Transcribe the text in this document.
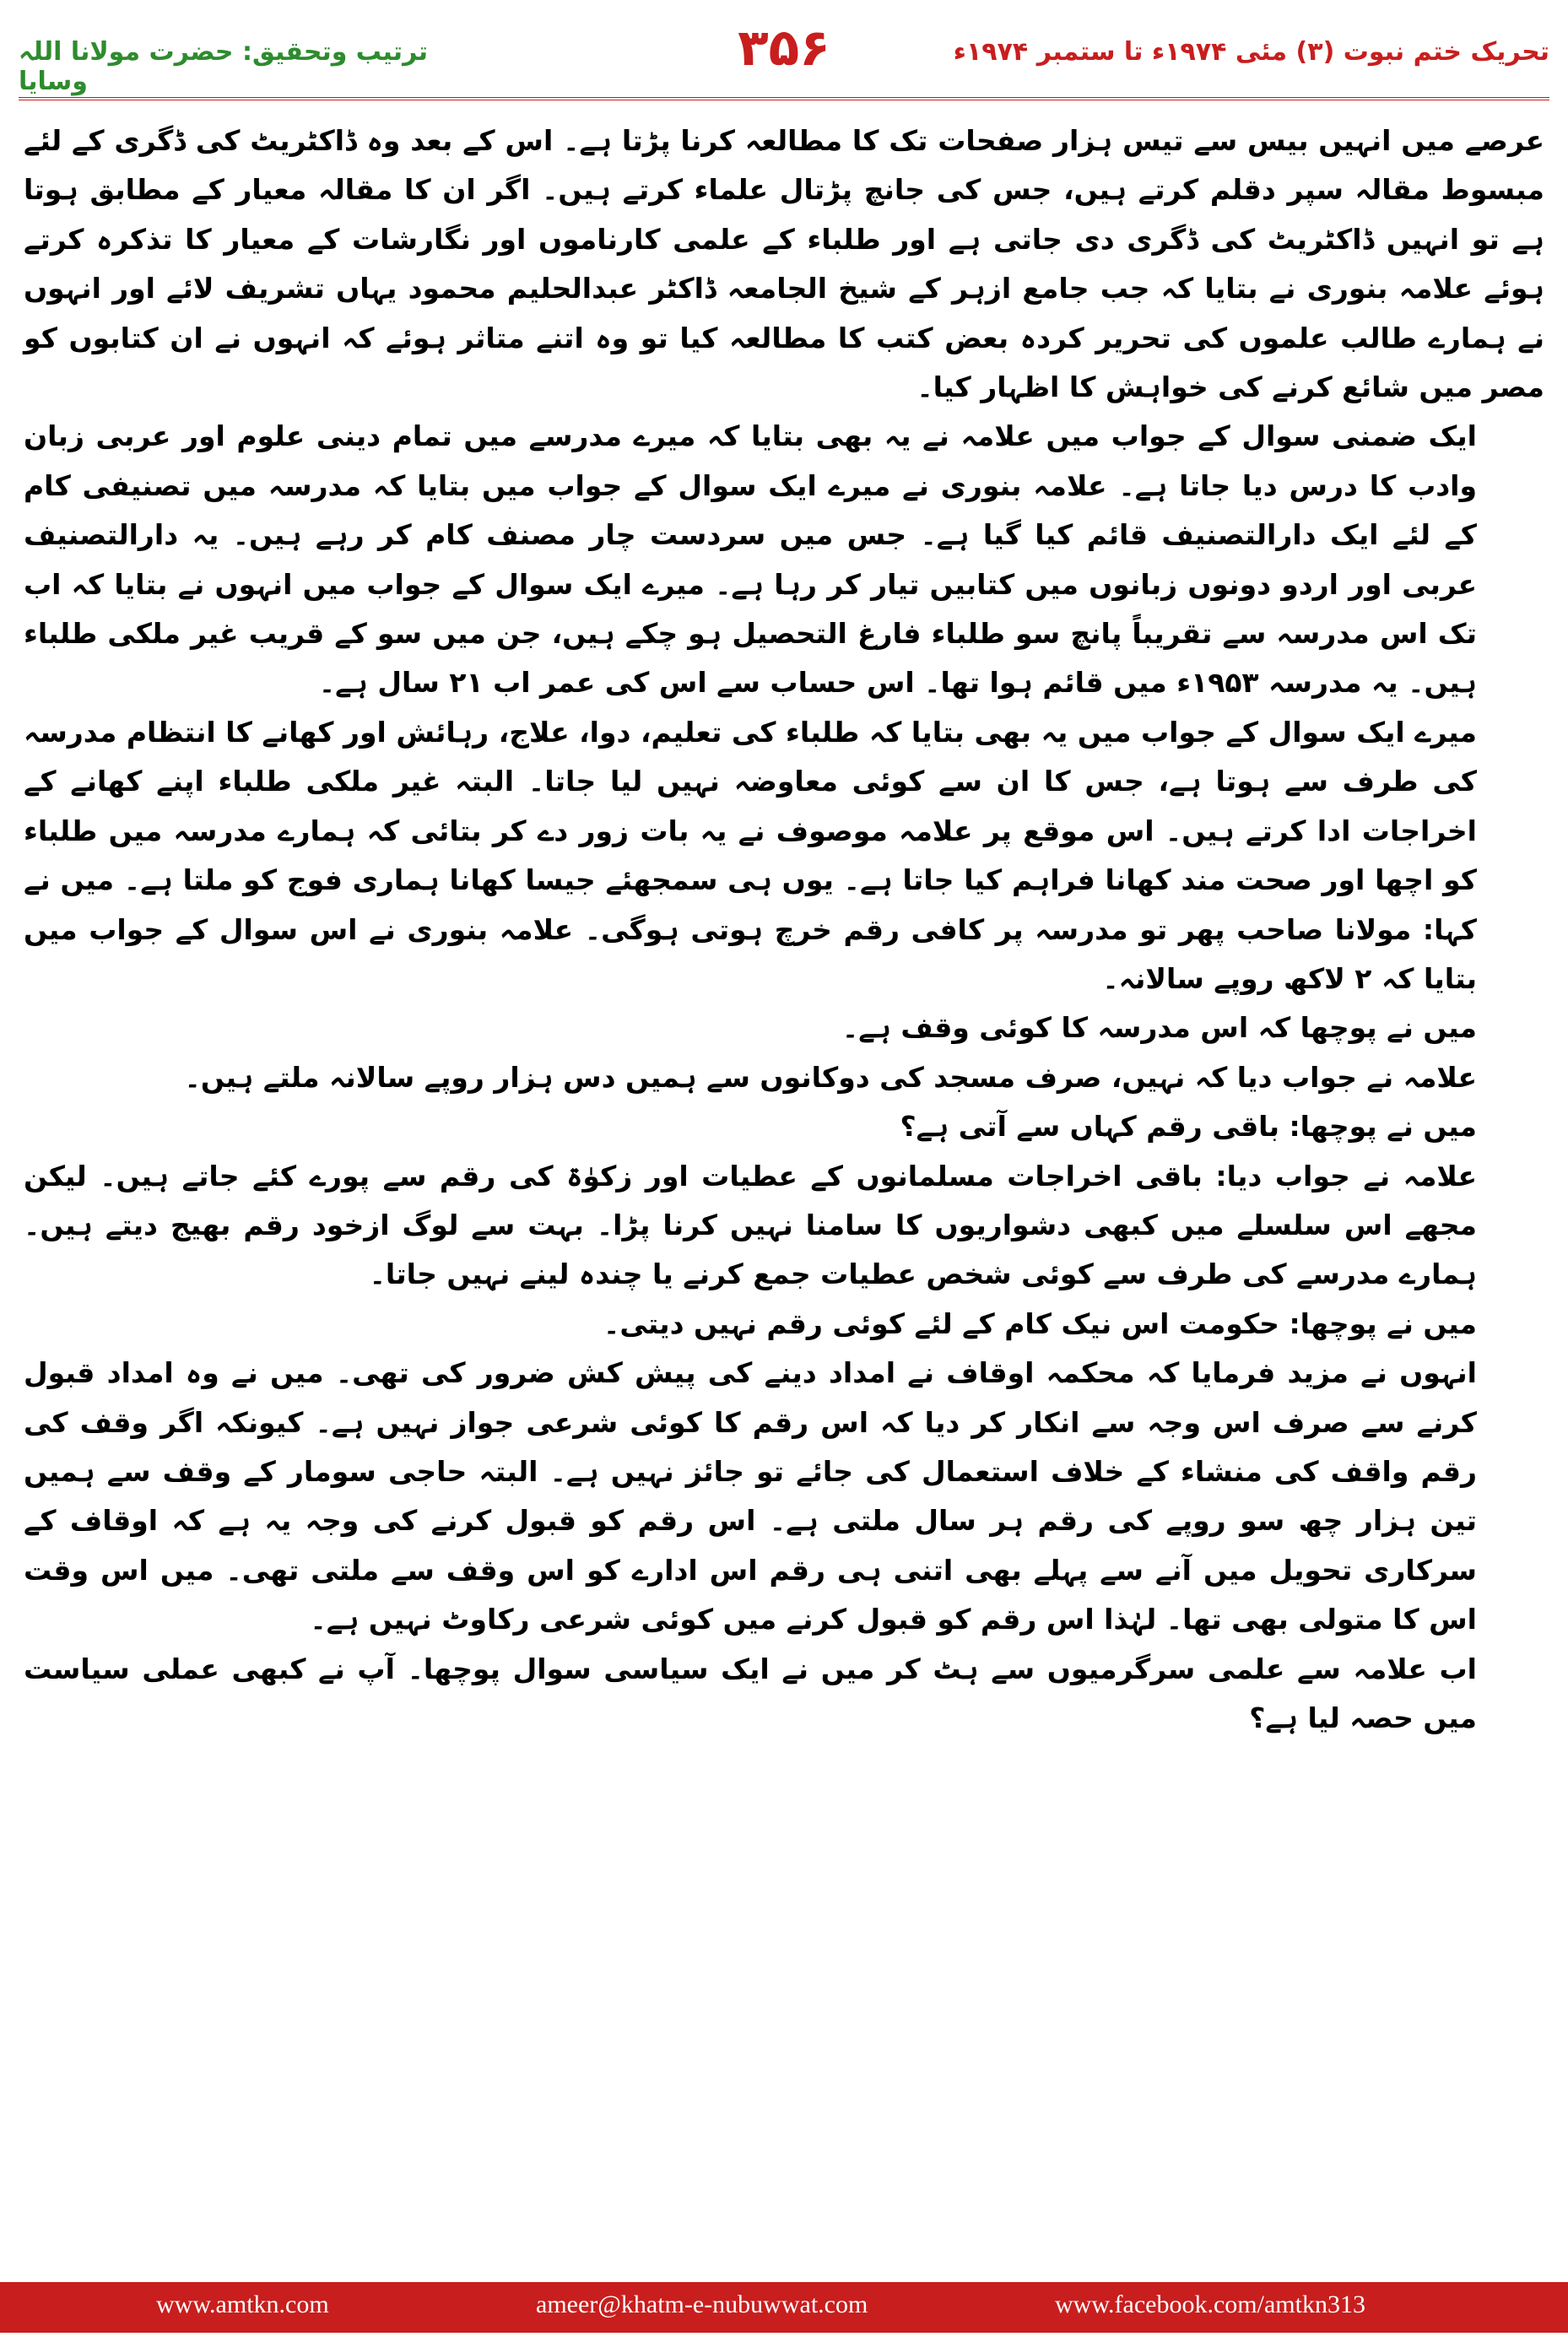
ترتیب وتحقیق: حضرت مولانا اللہ وسایا
۳۵۶	تحریک ختم نبوت (۳) مئی ۱۹۷۴ء تا ستمبر ۱۹۷۴ء

عرصے میں انہیں بیس سے تیس ہزار صفحات تک کا مطالعہ کرنا پڑتا ہے۔ اس کے بعد وہ ڈاکٹریٹ کی ڈگری کے لئے مبسوط مقالہ سپر دقلم کرتے ہیں، جس کی جانچ پڑتال علماء کرتے ہیں۔ اگر ان کا مقالہ معیار کے مطابق ہوتا ہے تو انہیں ڈاکٹریٹ کی ڈگری دی جاتی ہے اور طلباء کے علمی کارناموں اور نگارشات کے معیار کا تذکرہ کرتے ہوئے علامہ بنوری نے بتایا کہ جب جامع ازہر کے شیخ الجامعہ ڈاکٹر عبدالحلیم محمود یہاں تشریف لائے اور انہوں نے ہمارے طالب علموں کی تحریر کردہ بعض کتب کا مطالعہ کیا تو وہ اتنے متاثر ہوئے کہ انہوں نے ان کتابوں کو مصر میں شائع کرنے کی خواہش کا اظہار کیا۔

ایک ضمنی سوال کے جواب میں علامہ نے یہ بھی بتایا کہ میرے مدرسے میں تمام دینی علوم اور عربی زبان وادب کا درس دیا جاتا ہے۔ علامہ بنوری نے میرے ایک سوال کے جواب میں بتایا کہ مدرسہ میں تصنیفی کام کے لئے ایک دارالتصنیف قائم کیا گیا ہے۔ جس میں سردست چار مصنف کام کر رہے ہیں۔ یہ دارالتصنیف عربی اور اردو دونوں زبانوں میں کتابیں تیار کر رہا ہے۔ میرے ایک سوال کے جواب میں انہوں نے بتایا کہ اب تک اس مدرسہ سے تقریباً پانچ سو طلباء فارغ التحصیل ہو چکے ہیں، جن میں سو کے قریب غیر ملکی طلباء ہیں۔ یہ مدرسہ ۱۹۵۳ء میں قائم ہوا تھا۔ اس حساب سے اس کی عمر اب ۲۱ سال ہے۔

میرے ایک سوال کے جواب میں یہ بھی بتایا کہ طلباء کی تعلیم، دوا، علاج، رہائش اور کھانے کا انتظام مدرسہ کی طرف سے ہوتا ہے، جس کا ان سے کوئی معاوضہ نہیں لیا جاتا۔ البتہ غیر ملکی طلباء اپنے کھانے کے اخراجات ادا کرتے ہیں۔ اس موقع پر علامہ موصوف نے یہ بات زور دے کر بتائی کہ ہمارے مدرسہ میں طلباء کو اچھا اور صحت مند کھانا فراہم کیا جاتا ہے۔ یوں ہی سمجھئے جیسا کھانا ہماری فوج کو ملتا ہے۔ میں نے کہا: مولانا صاحب پھر تو مدرسہ پر کافی رقم خرچ ہوتی ہوگی۔ علامہ بنوری نے اس سوال کے جواب میں بتایا کہ ۲ لاکھ روپے سالانہ۔

میں نے پوچھا کہ اس مدرسہ کا کوئی وقف ہے۔

علامہ نے جواب دیا کہ نہیں، صرف مسجد کی دوکانوں سے ہمیں دس ہزار روپے سالانہ ملتے ہیں۔

میں نے پوچھا: باقی رقم کہاں سے آتی ہے؟

علامہ نے جواب دیا: باقی اخراجات مسلمانوں کے عطیات اور زکوٰۃ کی رقم سے پورے کئے جاتے ہیں۔ لیکن مجھے اس سلسلے میں کبھی دشواریوں کا سامنا نہیں کرنا پڑا۔ بہت سے لوگ ازخود رقم بھیج دیتے ہیں۔ ہمارے مدرسے کی طرف سے کوئی شخص عطیات جمع کرنے یا چندہ لینے نہیں جاتا۔

میں نے پوچھا: حکومت اس نیک کام کے لئے کوئی رقم نہیں دیتی۔

انہوں نے مزید فرمایا کہ محکمہ اوقاف نے امداد دینے کی پیش کش ضرور کی تھی۔ میں نے وہ امداد قبول کرنے سے صرف اس وجہ سے انکار کر دیا کہ اس رقم کا کوئی شرعی جواز نہیں ہے۔ کیونکہ اگر وقف کی رقم واقف کی منشاء کے خلاف استعمال کی جائے تو جائز نہیں ہے۔ البتہ حاجی سومار کے وقف سے ہمیں تین ہزار چھ سو روپے کی رقم ہر سال ملتی ہے۔ اس رقم کو قبول کرنے کی وجہ یہ ہے کہ اوقاف کے سرکاری تحویل میں آنے سے پہلے بھی اتنی ہی رقم اس ادارے کو اس وقف سے ملتی تھی۔ میں اس وقت اس کا متولی بھی تھا۔ لہٰذا اس رقم کو قبول کرنے میں کوئی شرعی رکاوٹ نہیں ہے۔

اب علامہ سے علمی سرگرمیوں سے ہٹ کر میں نے ایک سیاسی سوال پوچھا۔ آپ نے کبھی عملی سیاست میں حصہ لیا ہے؟

www.amtkn.com	ameer@khatm-e-nubuwwat.com	www.facebook.com/amtkn313
